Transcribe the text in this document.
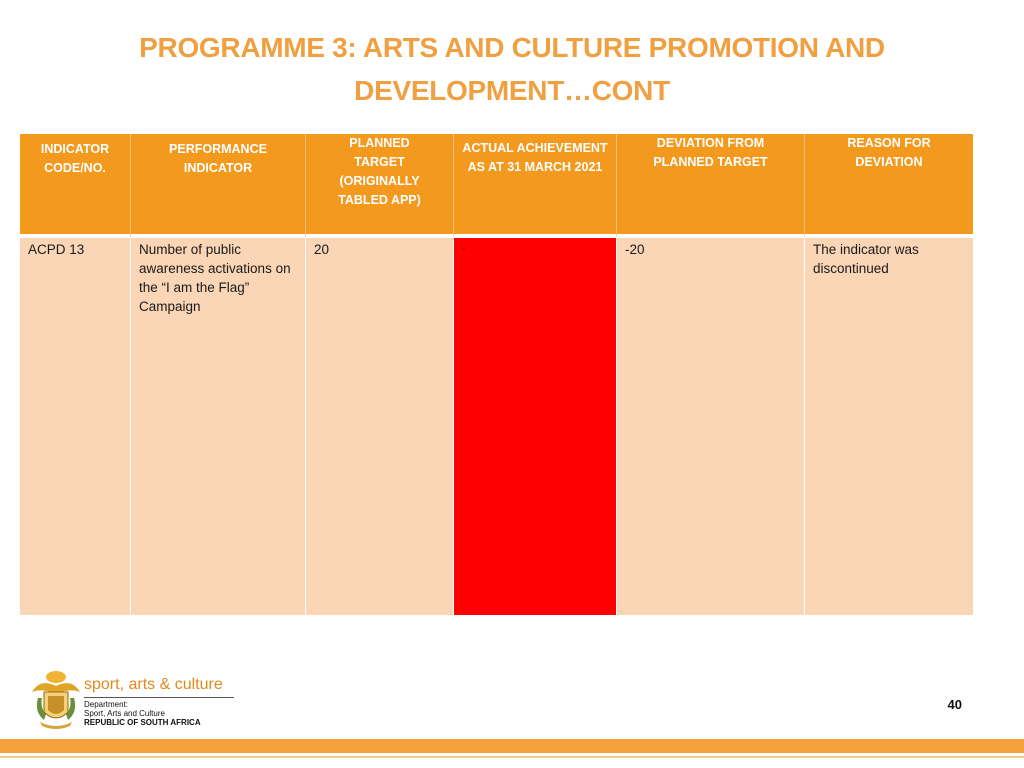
PROGRAMME 3: ARTS AND CULTURE PROMOTION AND
DEVELOPMENT…CONT
INDICATOR CODE/NO.	PERFORMANCE INDICATOR	PLANNED TARGET (ORIGINALLY TABLED APP)	ACTUAL ACHIEVEMENT AS AT 31 MARCH 2021	DEVIATION FROM PLANNED TARGET	REASON FOR DEVIATION

ACPD 13	Number of public awareness activations on the “I am the Flag” Campaign	20	-	-20	The indicator was discontinued
sport, arts & culture
Department:
Sport, Arts and Culture
REPUBLIC OF SOUTH AFRICA
40
